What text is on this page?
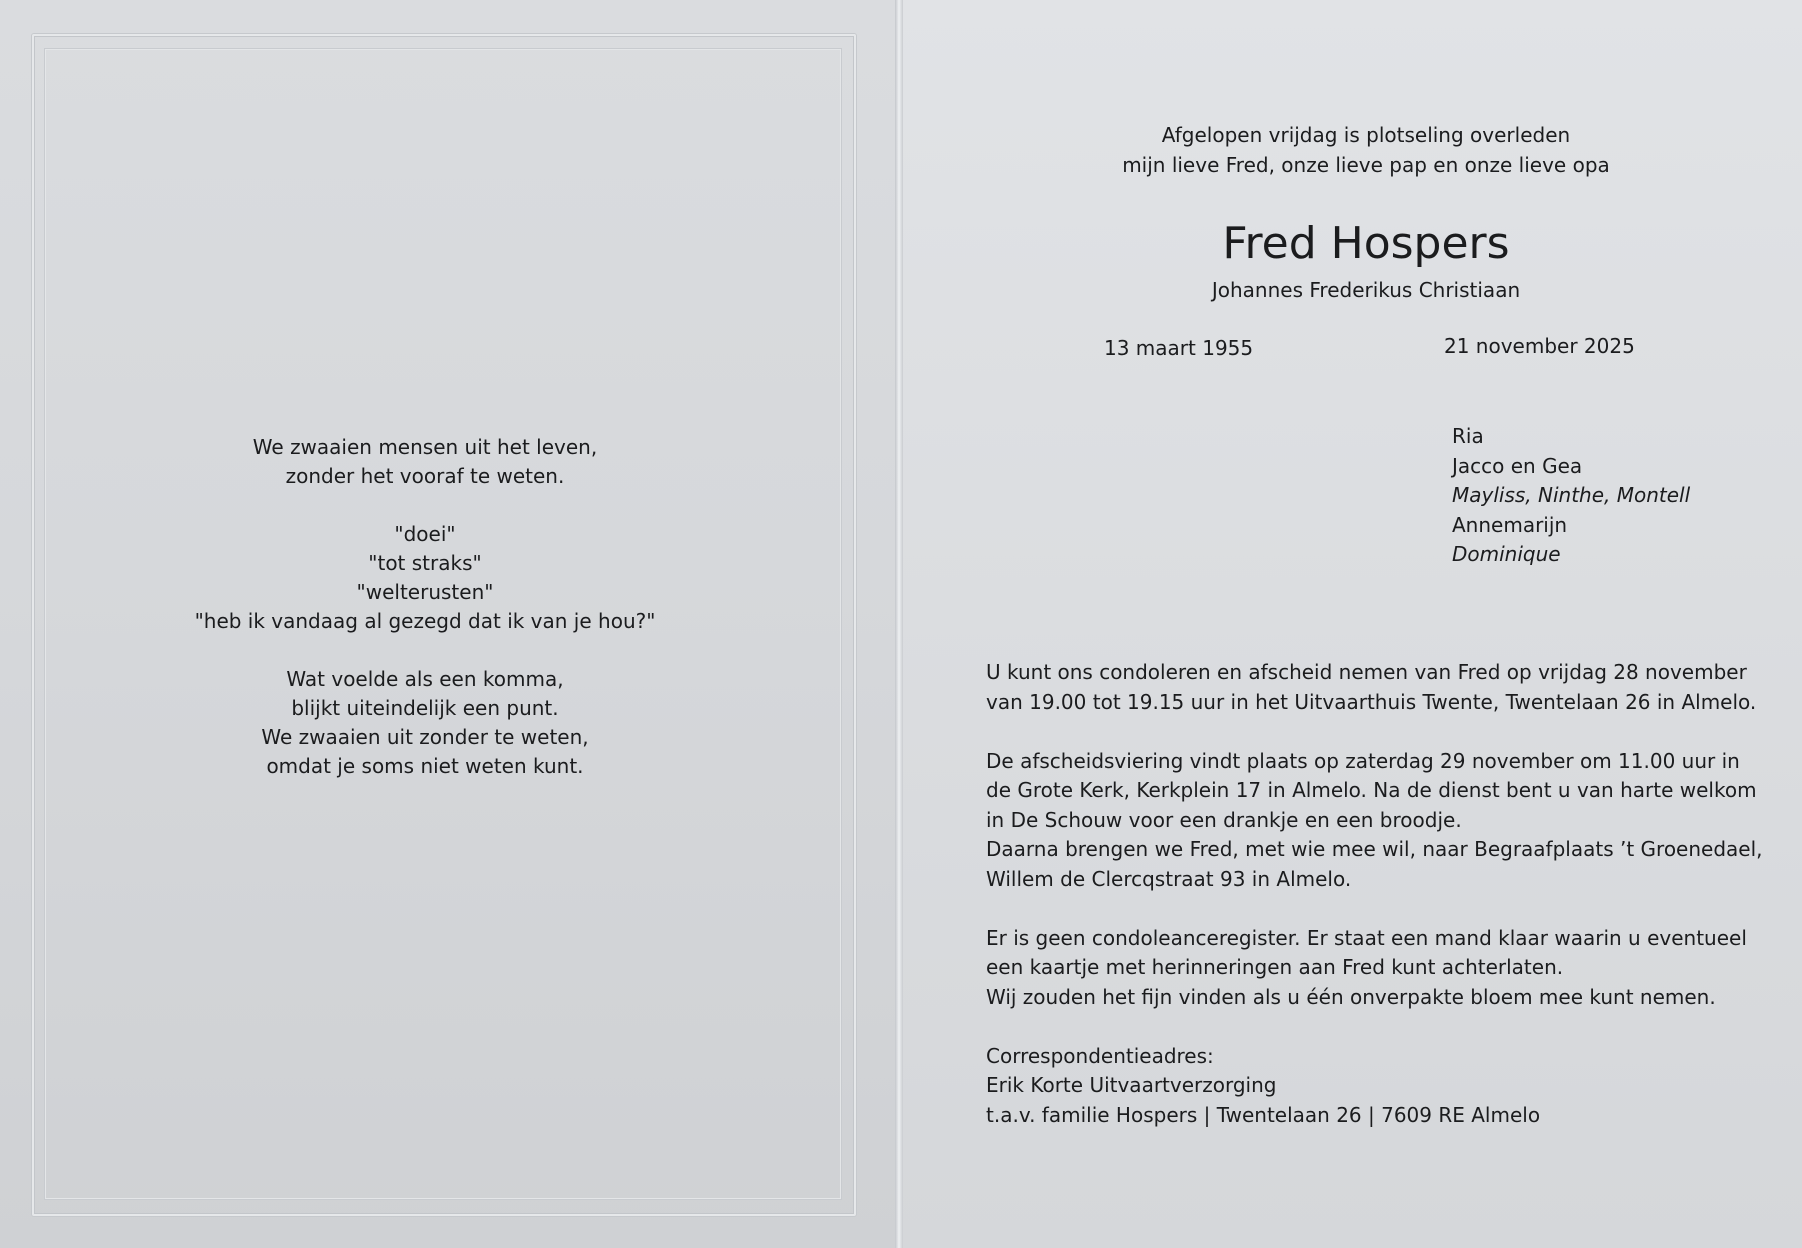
We zwaaien mensen uit het leven,
zonder het vooraf te weten.
"doei"
"tot straks"
"welterusten"
"heb ik vandaag al gezegd dat ik van je hou?"
Wat voelde als een komma,
blijkt uiteindelijk een punt.
We zwaaien uit zonder te weten,
omdat je soms niet weten kunt.
Afgelopen vrijdag is plotseling overleden
mijn lieve Fred, onze lieve pap en onze lieve opa
Fred Hospers
Johannes Frederikus Christiaan
13 maart 1955	21 november 2025
Ria
Jacco en Gea
Mayliss, Ninthe, Montell
Annemarijn
Dominique
U kunt ons condoleren en afscheid nemen van Fred op vrijdag 28 november
van 19.00 tot 19.15 uur in het Uitvaarthuis Twente, Twentelaan 26 in Almelo.
De afscheidsviering vindt plaats op zaterdag 29 november om 11.00 uur in
de Grote Kerk, Kerkplein 17 in Almelo. Na de dienst bent u van harte welkom
in De Schouw voor een drankje en een broodje.
Daarna brengen we Fred, met wie mee wil, naar Begraafplaats ’t Groenedael,
Willem de Clercqstraat 93 in Almelo.
Er is geen condoleanceregister. Er staat een mand klaar waarin u eventueel
een kaartje met herinneringen aan Fred kunt achterlaten.
Wij zouden het fijn vinden als u één onverpakte bloem mee kunt nemen.
Correspondentieadres:
Erik Korte Uitvaartverzorging
t.a.v. familie Hospers | Twentelaan 26 | 7609 RE Almelo
